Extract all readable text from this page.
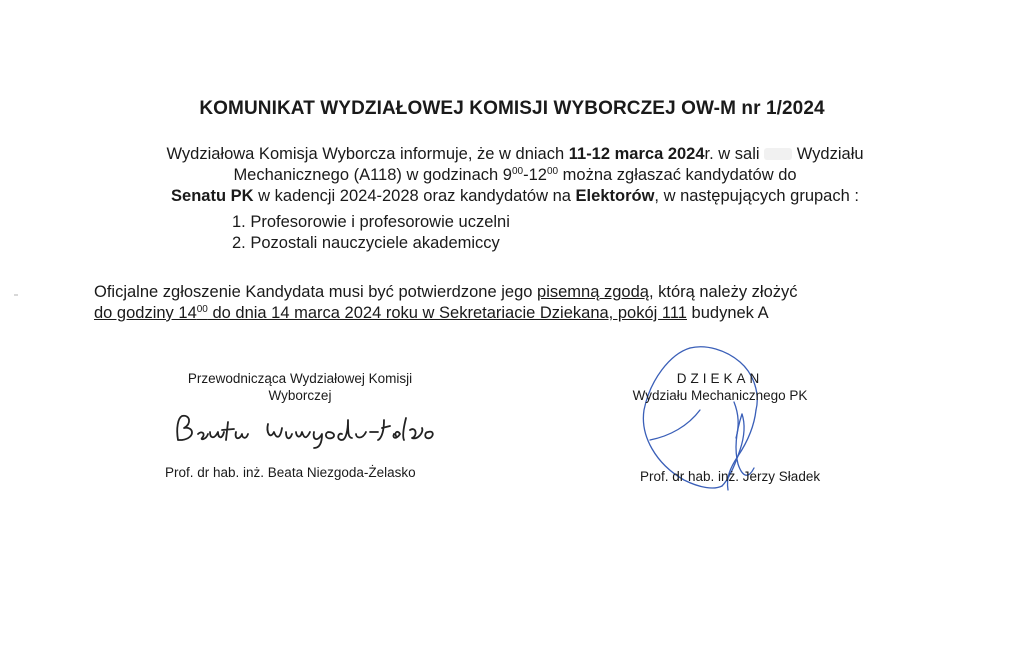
KOMUNIKAT WYDZIAŁOWEJ KOMISJI WYBORCZEJ OW-M nr 1/2024
Wydziałowa Komisja Wyborcza informuje, że w dniach 11-12 marca 2024r. w sali  Wydziału
Mechanicznego (A118) w godzinach $9^{00}-12^{00}$ można zgłaszać kandydatów do
Senatu PK w kadencji 2024-2028 oraz kandydatów na Elektorów, w następujących grupach :
1. Profesorowie i profesorowie uczelni
2. Pozostali nauczyciele akademiccy
Oficjalne zgłoszenie Kandydata musi być potwierdzone jego pisemną zgodą, którą należy złożyć
do godziny $14^{00}$ do dnia 14 marca 2024 roku w Sekretariacie Dziekana, pokój 111 budynek A
Przewodnicząca Wydziałowej Komisji
Wyborczej
Prof. dr hab. inż. Beata Niezgoda-Żelasko
DZIEKAN
Wydziału Mechanicznego PK
Prof. dr hab. inż. Jerzy Sładek
